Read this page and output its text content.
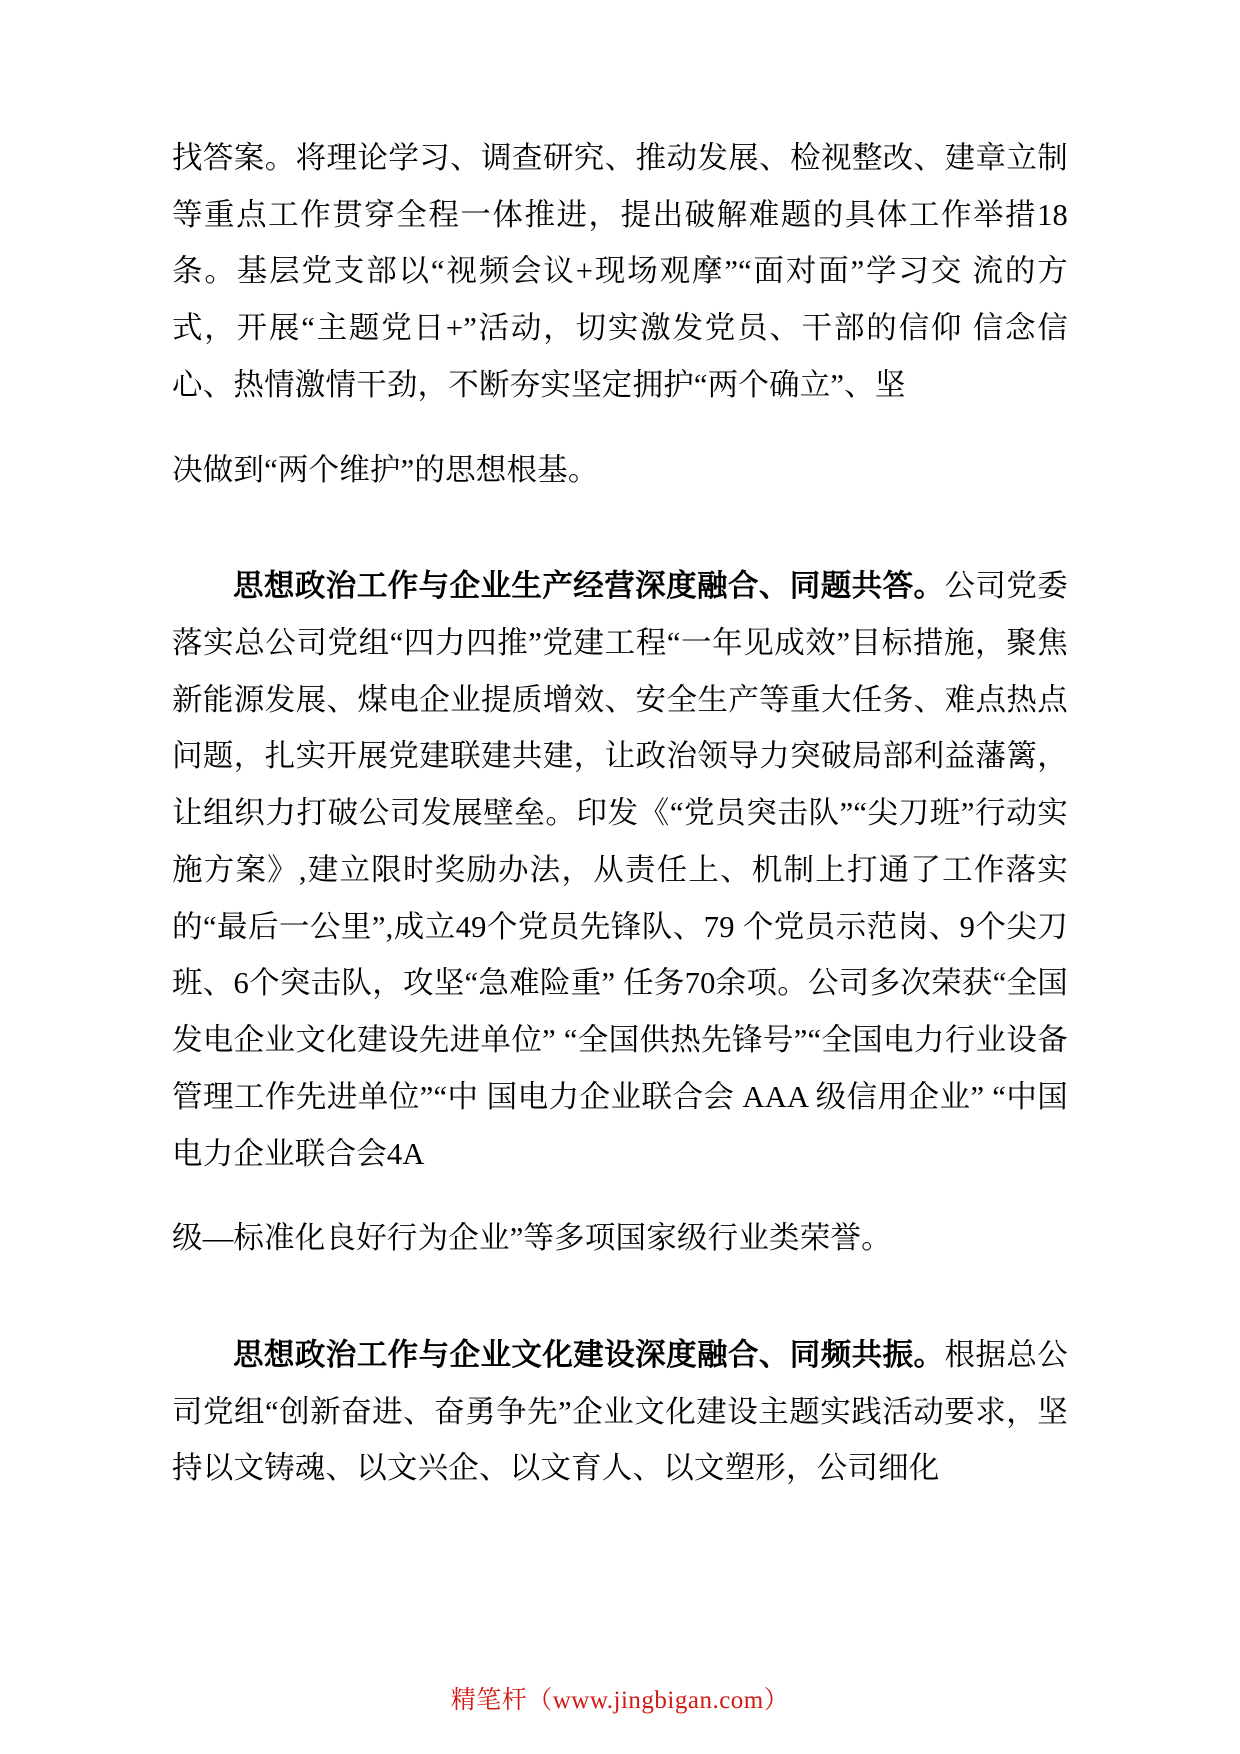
找答案。将理论学习、调查研究、推动发展、检视整改、建章立制等重点工作贯穿全程一体推进，提出破解难题的具体工作举措18条。基层党支部以“视频会议+现场观摩”“面对面”学习交 流的方式，开展“主题党日+”活动，切实激发党员、干部的信仰 信念信心、热情激情干劲，不断夯实坚定拥护“两个确立”、坚

决做到“两个维护”的思想根基。

思想政治工作与企业生产经营深度融合、同题共答。公司党委落实总公司党组“四力四推”党建工程“一年见成效”目标措施，聚焦新能源发展、煤电企业提质增效、安全生产等重大任务、难点热点问题，扎实开展党建联建共建，让政治领导力突破局部利益藩篱，让组织力打破公司发展壁垒。印发《“党员突击队”“尖刀班”行动实施方案》,建立限时奖励办法，从责任上、机制上打通了工作落实的“最后一公里”,成立49个党员先锋队、79 个党员示范岗、9个尖刀班、6个突击队，攻坚“急难险重” 任务70余项。公司多次荣获“全国发电企业文化建设先进单位” “全国供热先锋号”“全国电力行业设备管理工作先进单位”“中 国电力企业联合会 AAA 级信用企业” “中国电力企业联合会4A

级—标准化良好行为企业”等多项国家级行业类荣誉。

思想政治工作与企业文化建设深度融合、同频共振。根据总公司党组“创新奋进、奋勇争先”企业文化建设主题实践活动要求，坚持以文铸魂、以文兴企、以文育人、以文塑形，公司细化

精笔杆（www.jingbigan.com）
